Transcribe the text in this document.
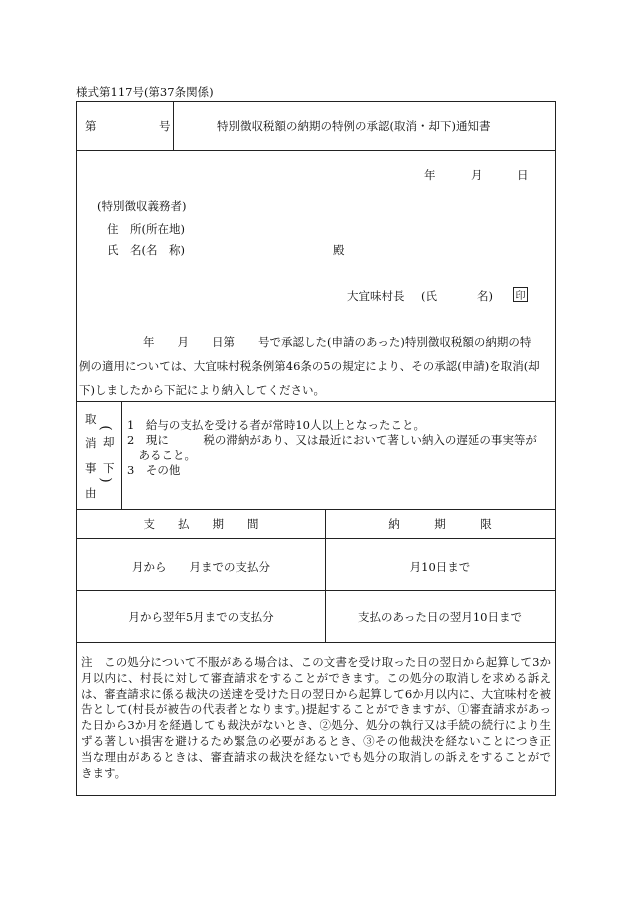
様式第117号(第37条関係)
第	号	特別徴収税額の納期の特例の承認(取消・却下)通知書
年	月	日
(特別徴収義務者)
住　所(所在地)
氏　名(名　称)	殿
大宜味村長 (氏	名) 印
年　　月　　日第　　号で承認した(申請のあった)特別徴収税額の納期の特
例の適用については、大宜味村税条例第46条の5の規定により、その承認(申請)を取消(却
下)しましたから下記により納入してください。
取
消
事
由
(
却
下
)
1　給与の支払を受ける者が常時10人以上となったこと。
2　現に　　　税の滞納があり、又は最近において著しい納入の遅延の事実等が
　あること。
3　その他
支　　払　　期　　間	納　　　期　　　限
月から　　月までの支払分	月10日まで
月から翌年5月までの支払分	支払のあった日の翌月10日まで
注　この処分について不服がある場合は、この文書を受け取った日の翌日から起算して3か月以内に、村長に対して審査請求をすることができます。この処分の取消しを求める訴えは、審査請求に係る裁決の送達を受けた日の翌日から起算して6か月以内に、大宜味村を被告として(村長が被告の代表者となります。)提起することができますが、①審査請求があった日から3か月を経過しても裁決がないとき、②処分、処分の執行又は手続の続行により生ずる著しい損害を避けるため緊急の必要があるとき、③その他裁決を経ないことにつき正当な理由があるときは、審査請求の裁決を経ないでも処分の取消しの訴えをすることができます。
